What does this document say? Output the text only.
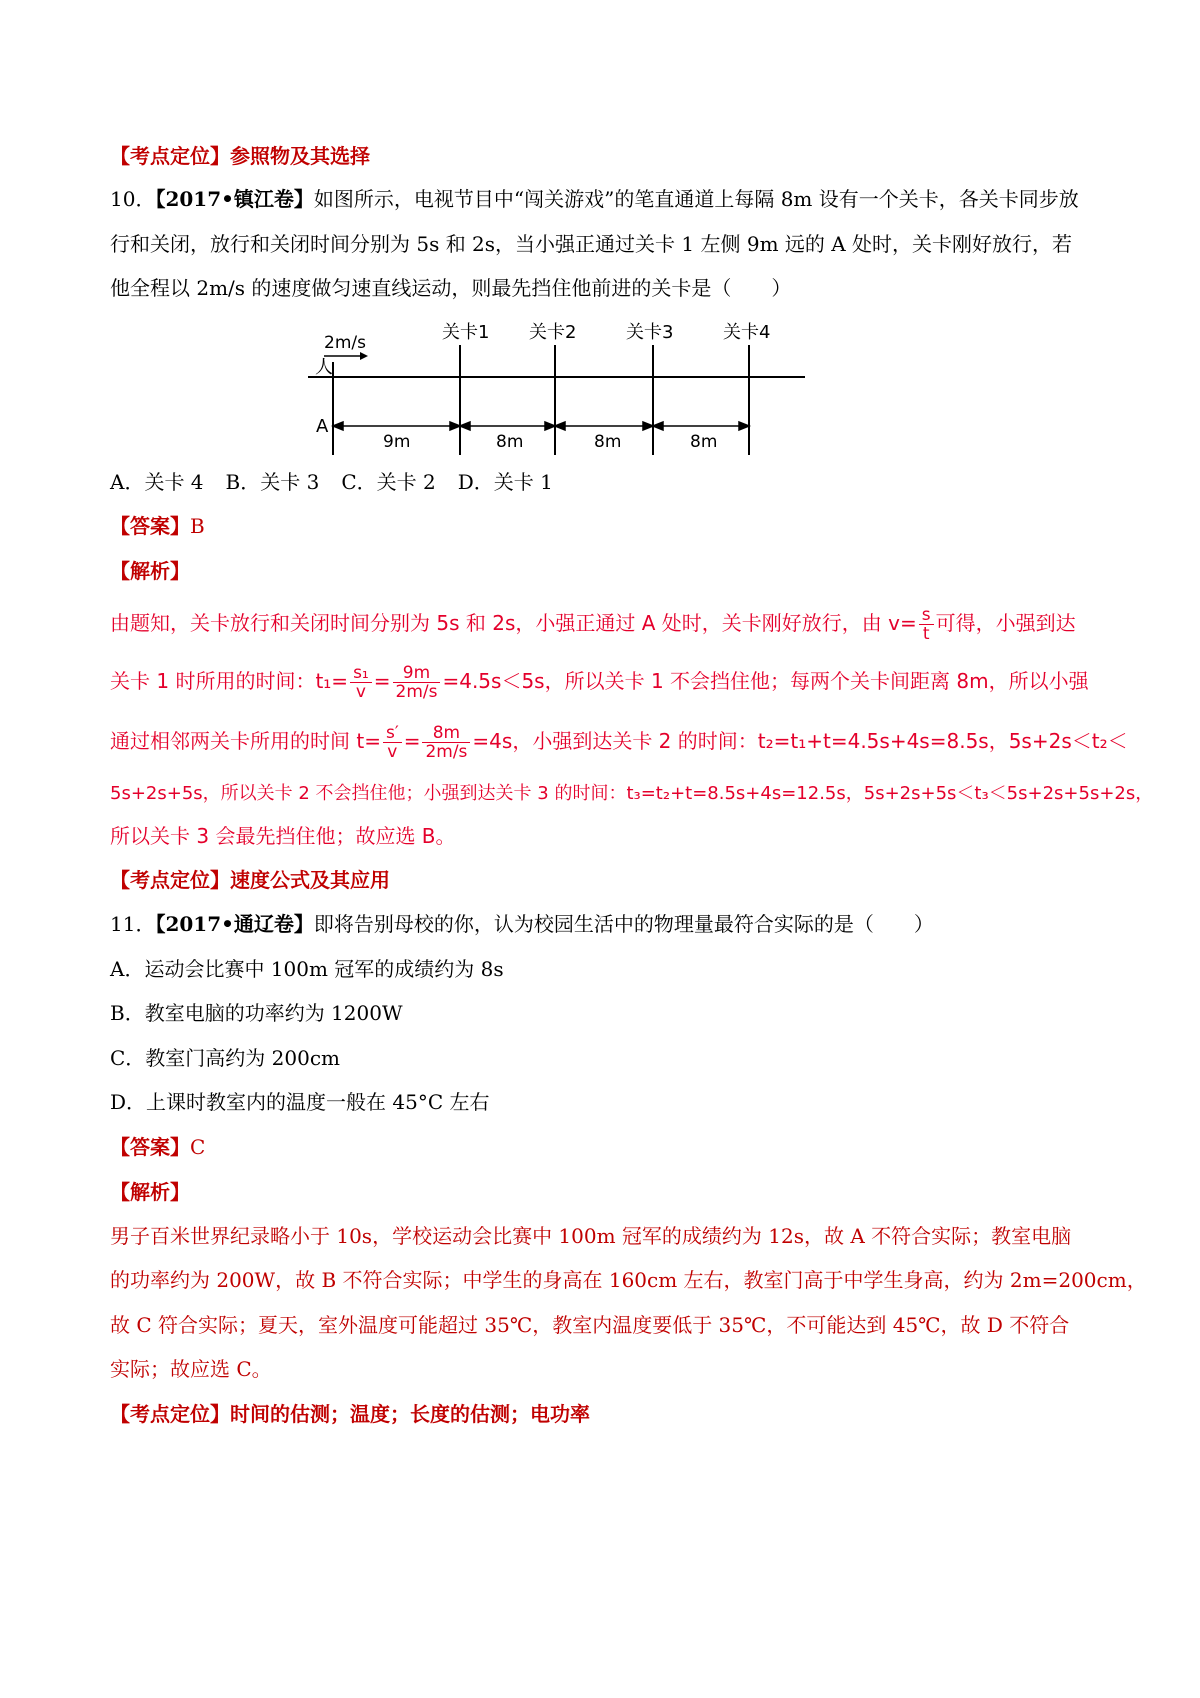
【考点定位】参照物及其选择
10．【2017•镇江卷】如图所示，电视节目中“闯关游戏”的笔直通道上每隔 8m 设有一个关卡，各关卡同步放
行和关闭，放行和关闭时间分别为 5s 和 2s，当小强正通过关卡 1 左侧 9m 远的 A 处时，关卡刚好放行，若
他全程以 2m/s 的速度做匀速直线运动，则最先挡住他前进的关卡是（　　）
人
2m/s	关卡1 关卡2	关卡3	关卡4
A
9m	8m	8m	8m
A．关卡 4 B．关卡 3 C．关卡 2 D．关卡 1
【答案】B
【解析】
由题知，关卡放行和关闭时间分别为 5s 和 2s，小强正通过 A 处时，关卡刚好放行，由 $v= \frac{s}{t}$ 可得，小强到达
关卡 1 时所用的时间：$t_1= \frac{\text{s₁}}{v} = \frac{9m}{2m/s} =4.5s<5s$，所以关卡 1 不会挡住他；每两个关卡间距离 8m，所以小强
通过相邻两关卡所用的时间 $t= \frac{s'}{v} = \frac{8m}{2m/s} =4s$，小强到达关卡 2 的时间：t₂=t₁+t=4.5s+4s=8.5s，5s+2s＜t₂＜
5s+2s+5s，所以关卡 2 不会挡住他；小强到达关卡 3 的时间：t₃=t₂+t=8.5s+4s=12.5s，5s+2s+5s＜t₃＜5s+2s+5s+2s，
所以关卡 3 会最先挡住他；故应选 B。
【考点定位】速度公式及其应用
11．【2017•通辽卷】即将告别母校的你，认为校园生活中的物理量最符合实际的是（　　）
A．运动会比赛中 100m 冠军的成绩约为 8s
B．教室电脑的功率约为 1200W
C．教室门高约为 200cm
D．上课时教室内的温度一般在 45°C 左右
【答案】C
【解析】
男子百米世界纪录略小于 10s，学校运动会比赛中 100m 冠军的成绩约为 12s，故 A 不符合实际；教室电脑
的功率约为 200W，故 B 不符合实际；中学生的身高在 160cm 左右，教室门高于中学生身高，约为 2m=200cm，
故 C 符合实际；夏天，室外温度可能超过 35℃，教室内温度要低于 35℃，不可能达到 45℃，故 D 不符合
实际；故应选 C。
【考点定位】时间的估测；温度；长度的估测；电功率
